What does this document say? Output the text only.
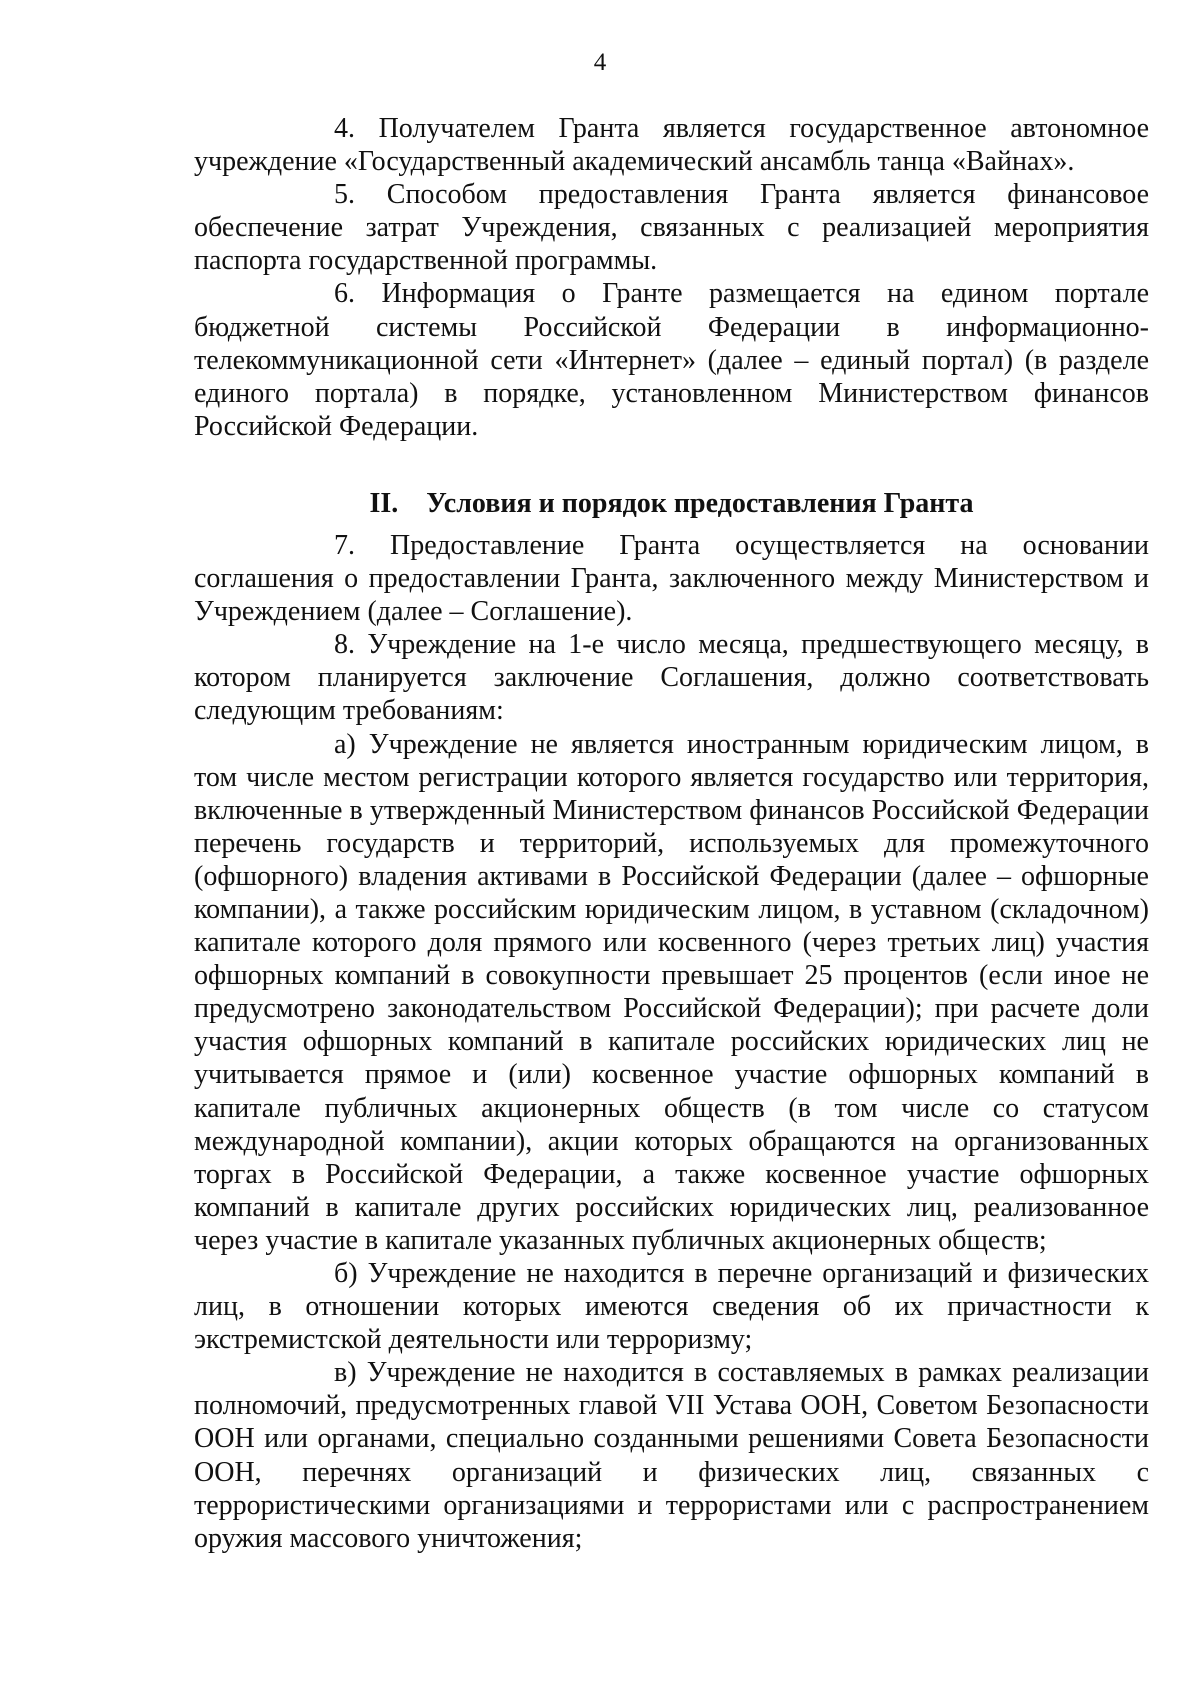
4

4. Получателем Гранта является государственное автономное учреждение «Государственный академический ансамбль танца «Вайнах».

5. Способом предоставления Гранта является финансовое обеспечение затрат Учреждения, связанных с реализацией мероприятия паспорта государственной программы.

6. Информация о Гранте размещается на едином портале бюджетной системы Российской Федерации в информационно-телекоммуникационной сети «Интернет» (далее – единый портал) (в разделе единого портала) в порядке, установленном Министерством финансов Российской Федерации.

II. Условия и порядок предоставления Гранта

7. Предоставление Гранта осуществляется на основании соглашения о предоставлении Гранта, заключенного между Министерством и Учреждением (далее – Соглашение).

8. Учреждение на 1-е число месяца, предшествующего месяцу, в котором планируется заключение Соглашения, должно соответствовать следующим требованиям:

а) Учреждение не является иностранным юридическим лицом, в том числе местом регистрации которого является государство или территория, включенные в утвержденный Министерством финансов Российской Федерации перечень государств и территорий, используемых для промежуточного (офшорного) владения активами в Российской Федерации (далее – офшорные компании), а также российским юридическим лицом, в уставном (складочном) капитале которого доля прямого или косвенного (через третьих лиц) участия офшорных компаний в совокупности превышает 25 процентов (если иное не предусмотрено законодательством Российской Федерации); при расчете доли участия офшорных компаний в капитале российских юридических лиц не учитывается прямое и (или) косвенное участие офшорных компаний в капитале публичных акционерных обществ (в том числе со статусом международной компании), акции которых обращаются на организованных торгах в Российской Федерации, а также косвенное участие офшорных компаний в капитале других российских юридических лиц, реализованное через участие в капитале указанных публичных акционерных обществ;

б) Учреждение не находится в перечне организаций и физических лиц, в отношении которых имеются сведения об их причастности к экстремистской деятельности или терроризму;

в) Учреждение не находится в составляемых в рамках реализации полномочий, предусмотренных главой VII Устава ООН, Советом Безопасности ООН или органами, специально созданными решениями Совета Безопасности ООН, перечнях организаций и физических лиц, связанных с террористическими организациями и террористами или с распространением оружия массового уничтожения;
